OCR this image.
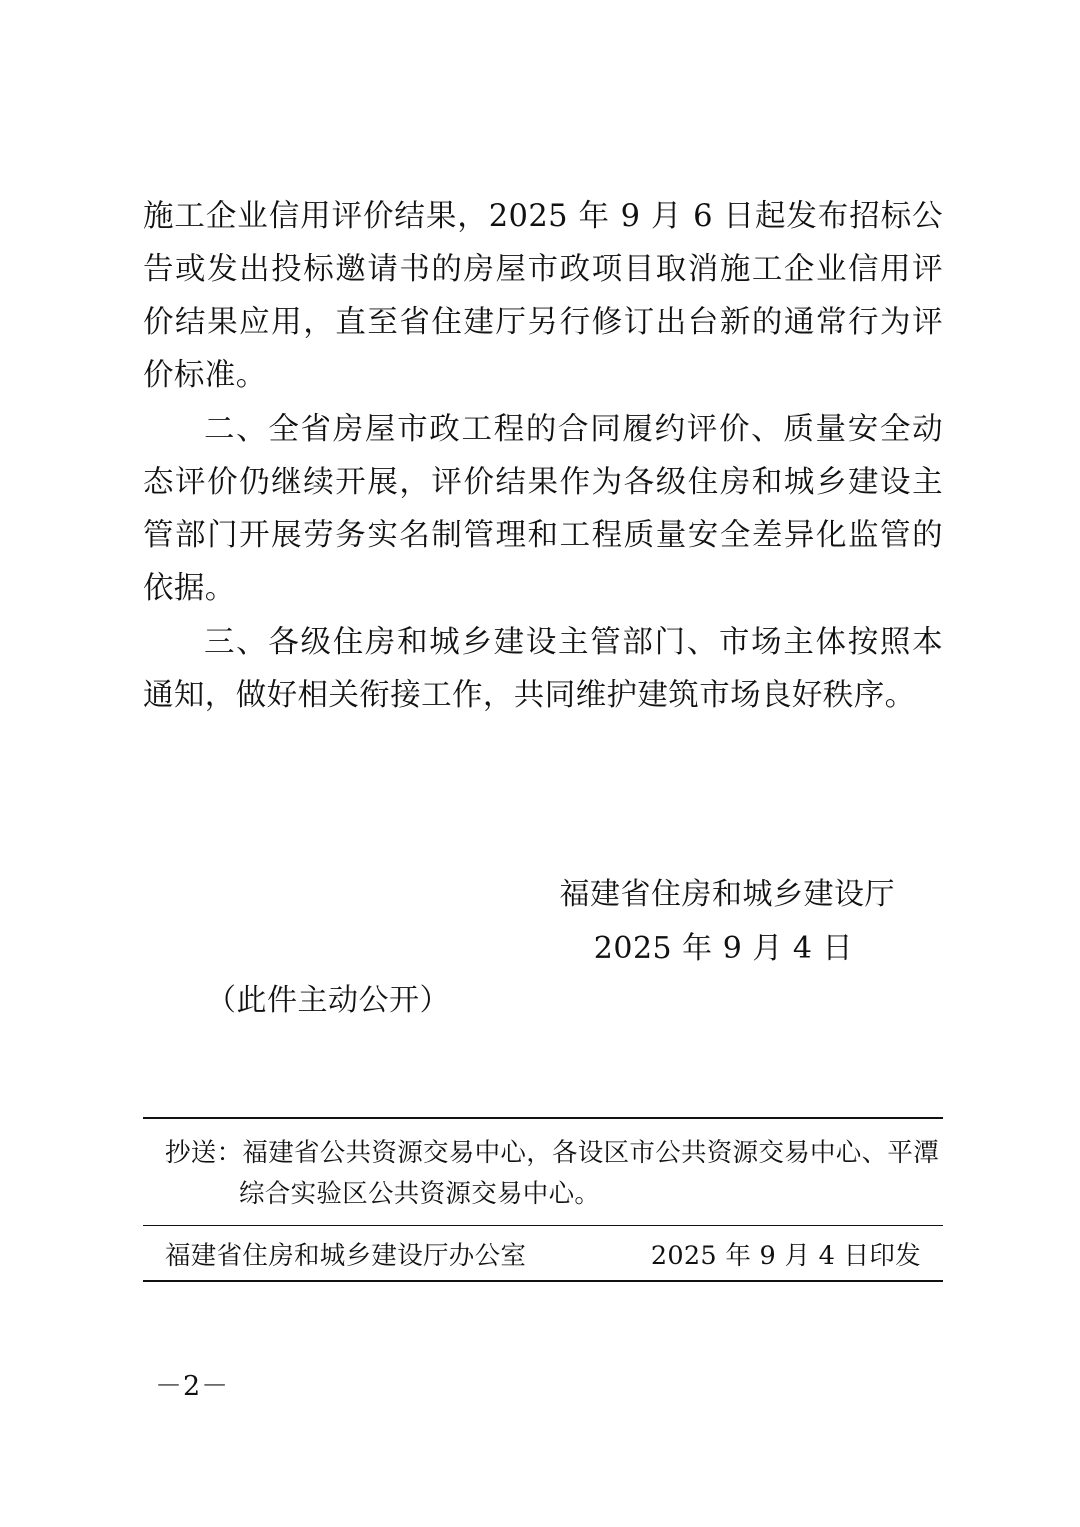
施工企业信用评价结果，2025 年 9 月 6 日起发布招标公告或发出投标邀请书的房屋市政项目取消施工企业信用评价结果应用，直至省住建厅另行修订出台新的通常行为评价标准。

二、全省房屋市政工程的合同履约评价、质量安全动态评价仍继续开展，评价结果作为各级住房和城乡建设主管部门开展劳务实名制管理和工程质量安全差异化监管的依据。

三、各级住房和城乡建设主管部门、市场主体按照本通知，做好相关衔接工作，共同维护建筑市场良好秩序。

福建省住房和城乡建设厅
2025 年 9 月 4 日
（此件主动公开）
抄送：福建省公共资源交易中心，各设区市公共资源交易中心、平潭
综合实验区公共资源交易中心。
福建省住房和城乡建设厅办公室	2025 年 9 月 4 日印发
－2－
